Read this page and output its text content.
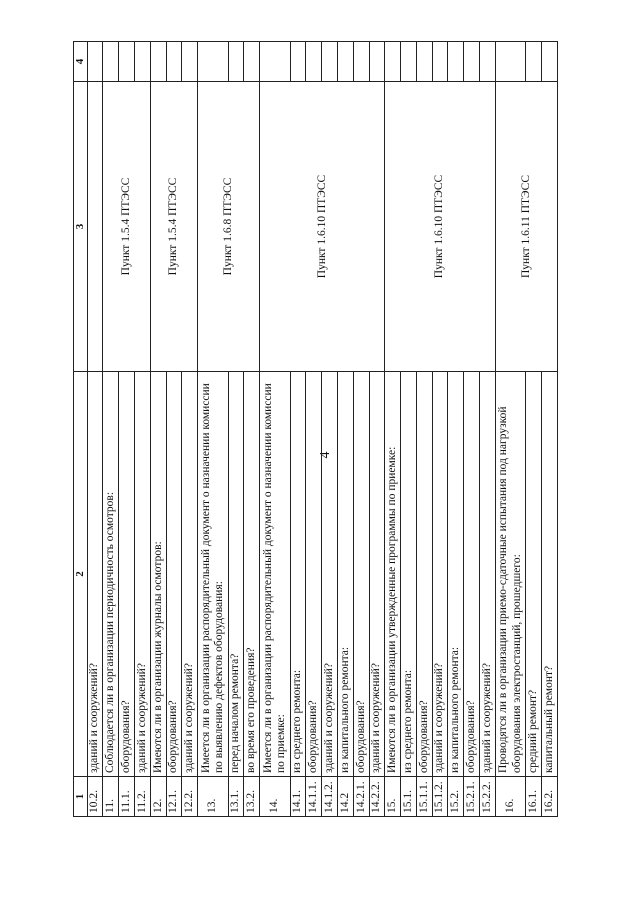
4
1	2	3	4
10.2.	зданий и сооружений?		
11.	Соблюдается ли в организации периодичность осмотров:	Пункт 1.5.4 ПТЭСС	
11.1.	оборудования?		
11.2.	зданий и сооружений?		
12.	Имеются ли в организации журналы осмотров:	Пункт 1.5.4 ПТЭСС	
12.1.	оборудования?		
12.2.	зданий и сооружений?		
13.	Имеется ли в организации распорядительный документ о назначении комиссии по выявлению дефектов оборудования:	Пункт 1.6.8 ПТЭСС	
13.1.	перед началом ремонта?		
13.2.	во время его проведения?		
14.	Имеется ли в организации распорядительный документ о назначении комиссии по приемке:	Пункт 1.6.10 ПТЭСС	
14.1.	из среднего ремонта:		
14.1.1.	оборудования?		
14.1.2.	зданий и сооружений?		
14.2	из капитального ремонта:		
14.2.1.	оборудования?		
14.2.2.	зданий и сооружений?		
15.	Имеются ли в организации утвержденные программы по приемке:	Пункт 1.6.10 ПТЭСС	
15.1.	из среднего ремонта:		
15.1.1.	оборудования?		
15.1.2.	зданий и сооружений?		
15.2.	из капитального ремонта:		
15.2.1.	оборудования?		
15.2.2.	зданий и сооружений?		
16.	Проводятся ли в организации приемо-сдаточные испытания под нагрузкой оборудования электростанций, прошедшего:	Пункт 1.6.11 ПТЭСС	
16.1.	средний ремонт?		
16.2.	капитальный ремонт?		
